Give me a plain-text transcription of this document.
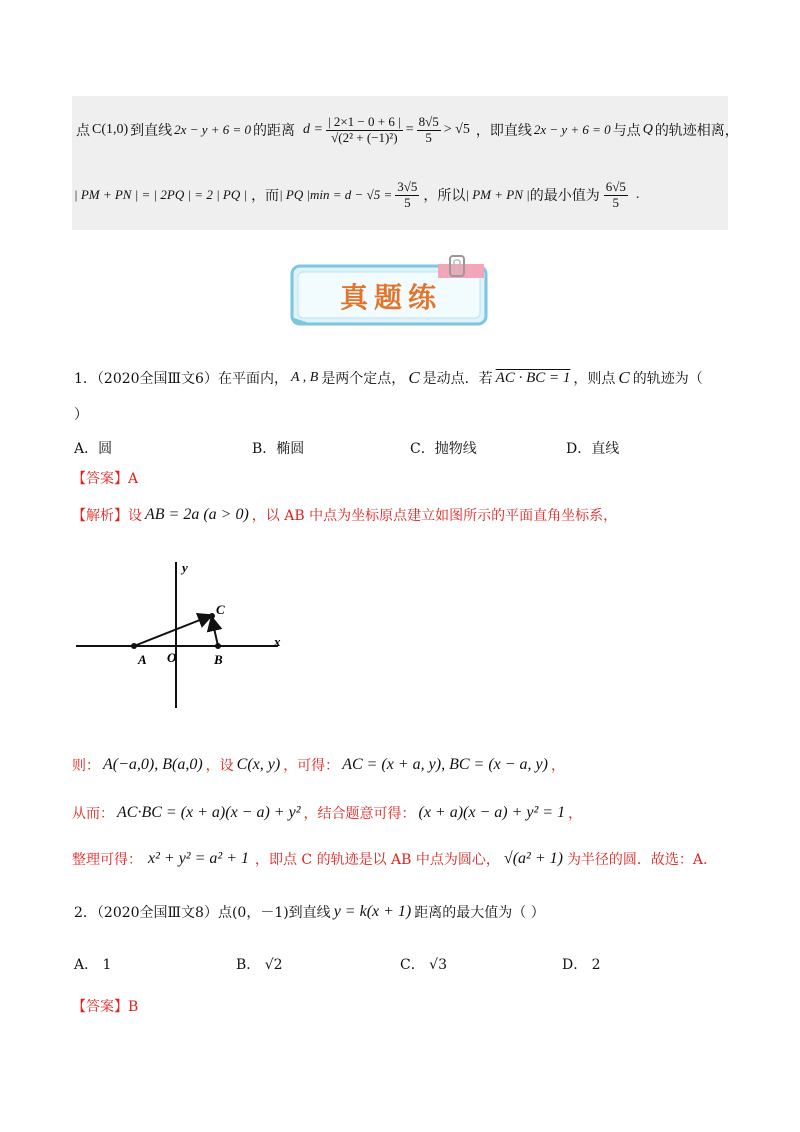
点 C(1,0) 到直线 2x − y + 6 = 0 的距离 $d = \frac{| 2\times 1 - 0 + 6 |}{\text{√(2² + (−1)²)}} = \frac{8√5}{5} > √5$ ，即直线 2x − y + 6 = 0 与点 Q 的轨迹相离，
| PM + PN | = | 2PQ | = 2 | PQ | ，而 | PQ $|\min = d - √5 = \frac{3√5}{5}$ ，所以 | PM + PN | 的最小值为 $\frac{6√5}{5}$ .
真题练
1．（2020全国Ⅲ文6）在平面内， A , B 是两个定点， C 是动点．若 AC · BC = 1 ，则点 C 的轨迹为（
）
A．圆	B．椭圆	C．抛物线	D．直线
【答案】A
【解析】 设 AB = 2a (a > 0) ，以 AB 中点为坐标原点建立如图所示的平面直角坐标系，
y
x
A O	B
C
则： A(−a,0), B(a,0) ，设 C(x, y) ，可得： AC = (x + a, y), BC = (x − a, y) ，
从而： AC·BC = (x + a)(x − a) + y² ，结合题意可得： (x + a)(x − a) + y² = 1 ，
整理可得： x² + y² = a² + 1 ，即点 C 的轨迹是以 AB 中点为圆心， √(a² + 1) 为半径的圆．故选：A.
2．（2020全国Ⅲ文8）点(0，－1)到直线 y = k(x + 1) 距离的最大值为（ ）
A． 1	B． √2	C． √3	D． 2
【答案】B
